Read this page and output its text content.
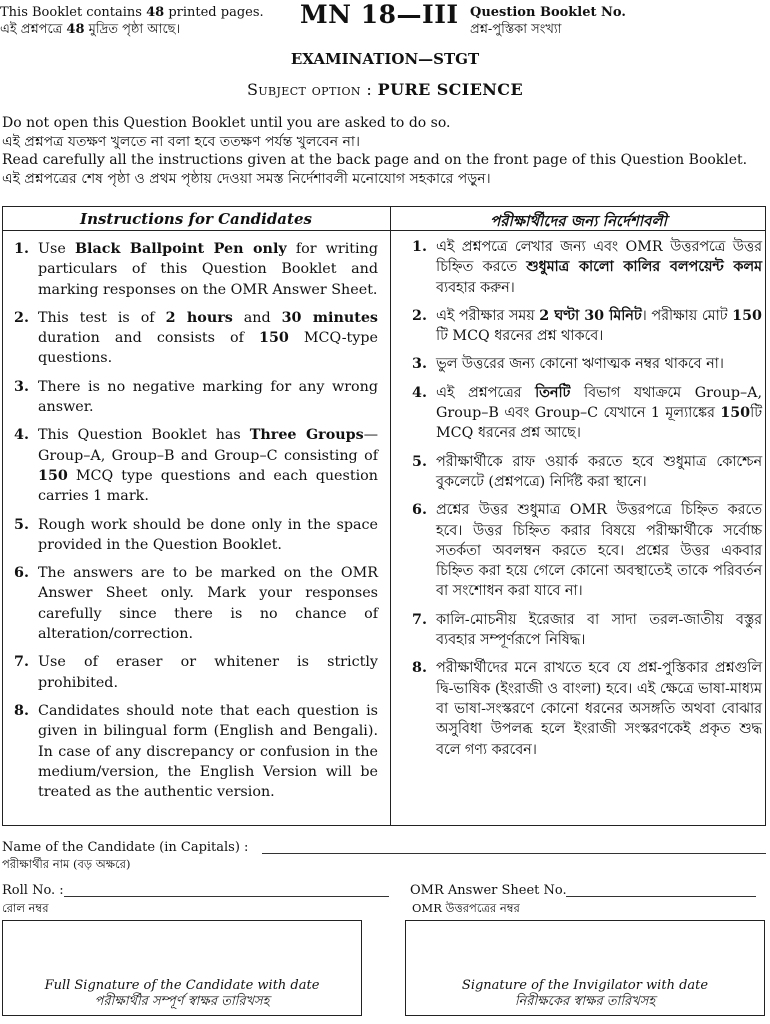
This Booklet contains 48 printed pages.
এই প্রশ্নপত্রে 48 মুদ্রিত পৃষ্ঠা আছে।
MN 18—III Question Booklet No.
প্রশ্ন-পুস্তিকা সংখ্যা
EXAMINATION—STGT
Subject option : PURE SCIENCE
Do not open this Question Booklet until you are asked to do so.
এই প্রশ্নপত্র যতক্ষণ খুলতে না বলা হবে ততক্ষণ পর্যন্ত খুলবেন না।
Read carefully all the instructions given at the back page and on the front page of this Question Booklet.
এই প্রশ্নপত্রের শেষ পৃষ্ঠা ও প্রথম পৃষ্ঠায় দেওয়া সমস্ত নির্দেশাবলী মনোযোগ সহকারে পড়ুন।
Instructions for Candidates	পরীক্ষার্থীদের জন্য নির্দেশাবলী
1. Use Black Ballpoint Pen only for writing particulars of this Question Booklet and marking responses on the OMR Answer Sheet.
2. This test is of 2 hours and 30 minutes duration and consists of 150 MCQ-type questions.
3. There is no negative marking for any wrong answer.
4. This Question Booklet has Three Groups—Group–A, Group–B and Group–C consisting of 150 MCQ type questions and each question carries 1 mark.
5. Rough work should be done only in the space provided in the Question Booklet.
6. The answers are to be marked on the OMR Answer Sheet only. Mark your responses carefully since there is no chance of alteration/correction.
7. Use of eraser or whitener is strictly prohibited.
8. Candidates should note that each question is given in bilingual form (English and Bengali). In case of any discrepancy or confusion in the medium/version, the English Version will be treated as the authentic version.
1. এই প্রশ্নপত্রে লেখার জন্য এবং OMR উত্তরপত্রে উত্তর চিহ্নিত করতে শুধুমাত্র কালো কালির বলপয়েন্ট কলম ব্যবহার করুন।
2. এই পরীক্ষার সময় 2 ঘণ্টা 30 মিনিট। পরীক্ষায় মোট 150 টি MCQ ধরনের প্রশ্ন থাকবে।
3. ভুল উত্তরের জন্য কোনো ঋণাত্মক নম্বর থাকবে না।
4. এই প্রশ্নপত্রের তিনটি বিভাগ যথাক্রমে Group–A, Group–B এবং Group–C যেখানে 1 মূল্যাঙ্কের 150টি MCQ ধরনের প্রশ্ন আছে।
5. পরীক্ষার্থীকে রাফ ওয়ার্ক করতে হবে শুধুমাত্র কোশ্চেন বুকলেটে (প্রশ্নপত্রে) নির্দিষ্ট করা স্থানে।
6. প্রশ্নের উত্তর শুধুমাত্র OMR উত্তরপত্রে চিহ্নিত করতে হবে। উত্তর চিহ্নিত করার বিষয়ে পরীক্ষার্থীকে সর্বোচ্চ সতর্কতা অবলম্বন করতে হবে। প্রশ্নের উত্তর একবার চিহ্নিত করা হয়ে গেলে কোনো অবস্থাতেই তাকে পরিবর্তন বা সংশোধন করা যাবে না।
7. কালি-মোচনীয় ইরেজার বা সাদা তরল-জাতীয় বস্তুর ব্যবহার সম্পূর্ণরূপে নিষিদ্ধ।
8. পরীক্ষার্থীদের মনে রাখতে হবে যে প্রশ্ন-পুস্তিকার প্রশ্নগুলি দ্বি-ভাষিক (ইংরাজী ও বাংলা) হবে। এই ক্ষেত্রে ভাষা-মাধ্যম বা ভাষা-সংস্করণে কোনো ধরনের অসঙ্গতি অথবা বোঝার অসুবিধা উপলব্ধ হলে ইংরাজী সংস্করণকেই প্রকৃত শুদ্ধ বলে গণ্য করবেন।
Name of the Candidate (in Capitals) :
পরীক্ষার্থীর নাম (বড় অক্ষরে)
Roll No. :
রোল নম্বর
OMR Answer Sheet No.
OMR উত্তরপত্রের নম্বর
Full Signature of the Candidate with date
পরীক্ষার্থীর সম্পূর্ণ স্বাক্ষর তারিখসহ
Signature of the Invigilator with date
নিরীক্ষকের স্বাক্ষর তারিখসহ
